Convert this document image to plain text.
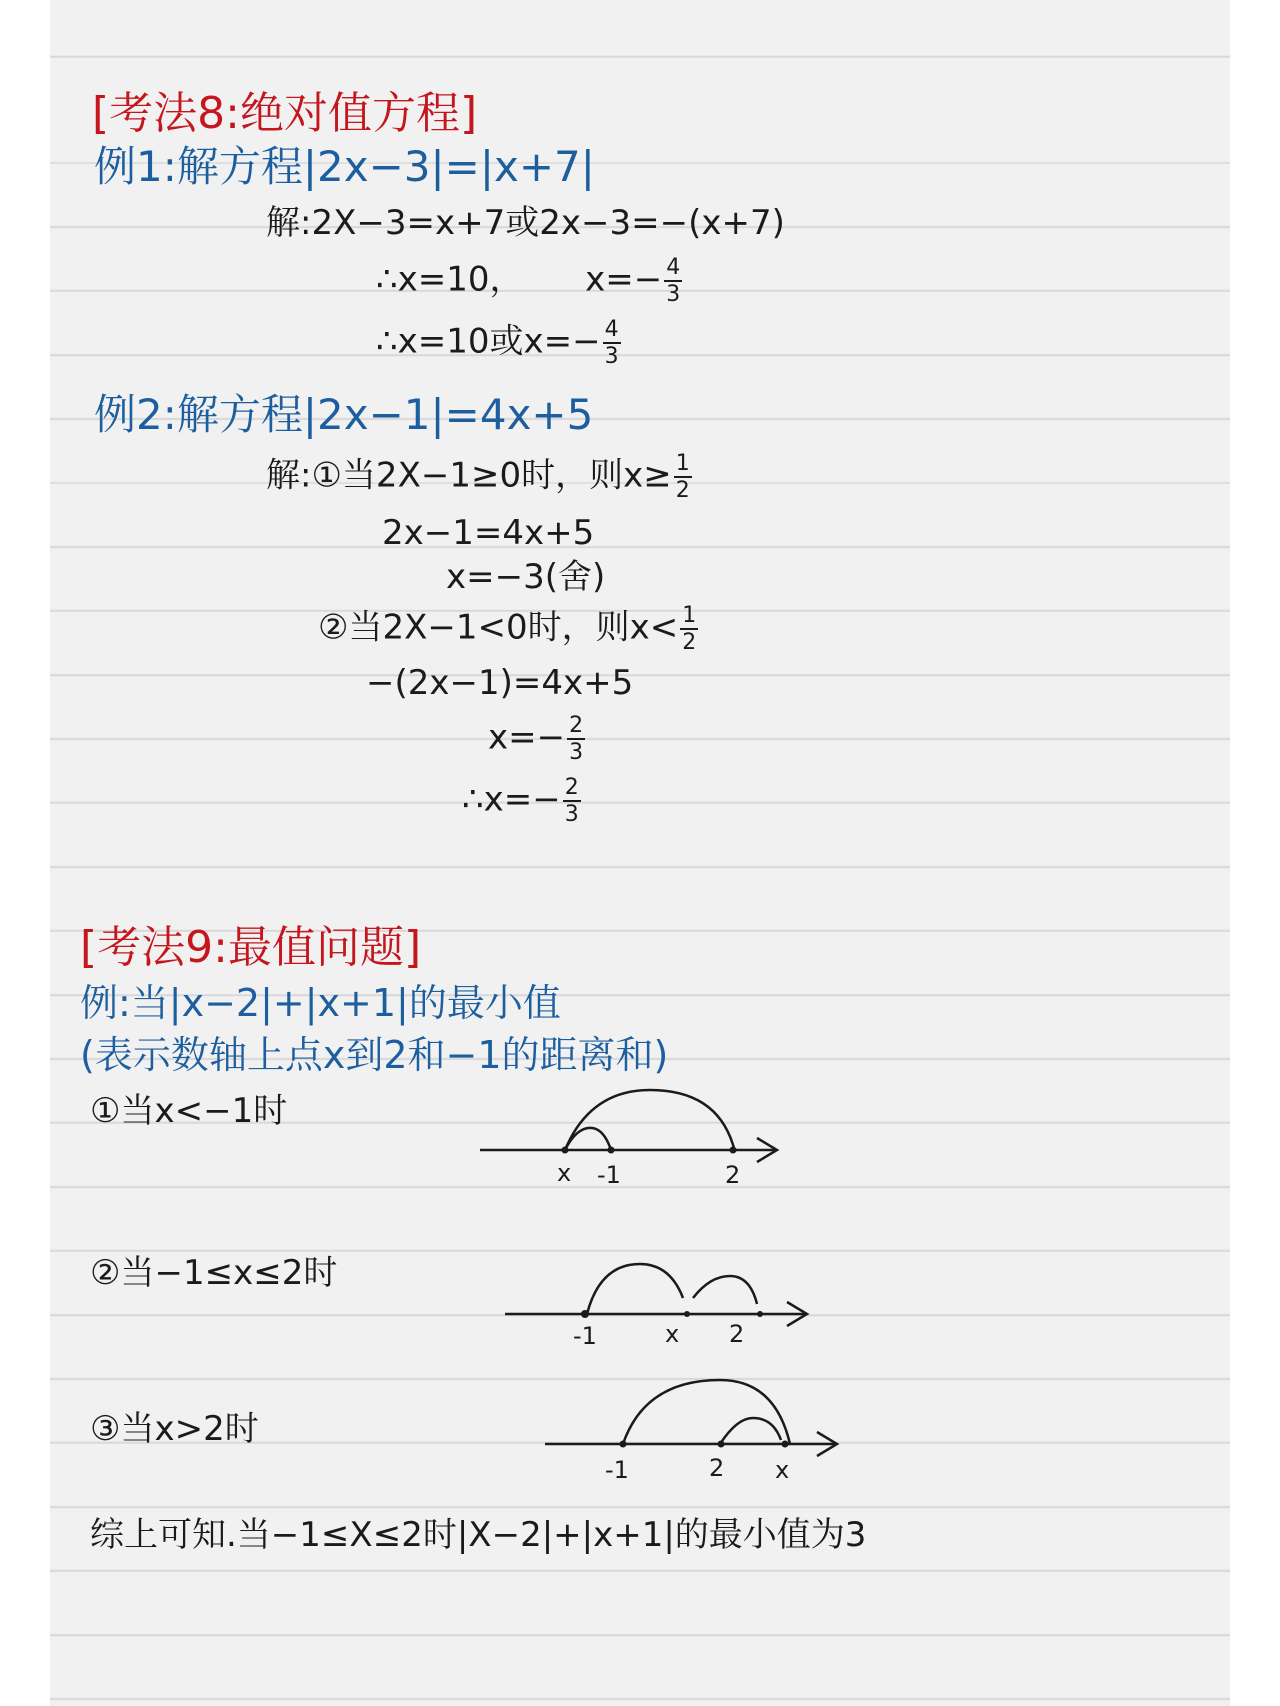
[考法8:绝对值方程]

例1:解方程|2x−3|=|x+7|

解:2X−3=x+7或2x−3=−(x+7)

∴x=10， $x=- \frac{4}{3}$
∴x=10或$x=- \frac{4}{3}$

例2:解方程|2x−1|=4x+5

解:①当2X−1≥0时，则$x\ge \frac{1}{2}$

2x−1=4x+5

x=−3(舍)

②当2X−1<0时，则$x< \frac{1}{2}$

−(2x−1)=4x+5

$x=- \frac{2}{3}$
∴x=− $\frac{2}{3}$

[考法9:最值问题]

例:当|x−2|+|x+1|的最小值

(表示数轴上点x到2和−1的距离和)

①当x<−1时

x -1	2

②当−1≤x≤2时

-1	x 2

③当x>2时

-1	2 x

综上可知.当−1≤X≤2时|X−2|+|x+1|的最小值为3
